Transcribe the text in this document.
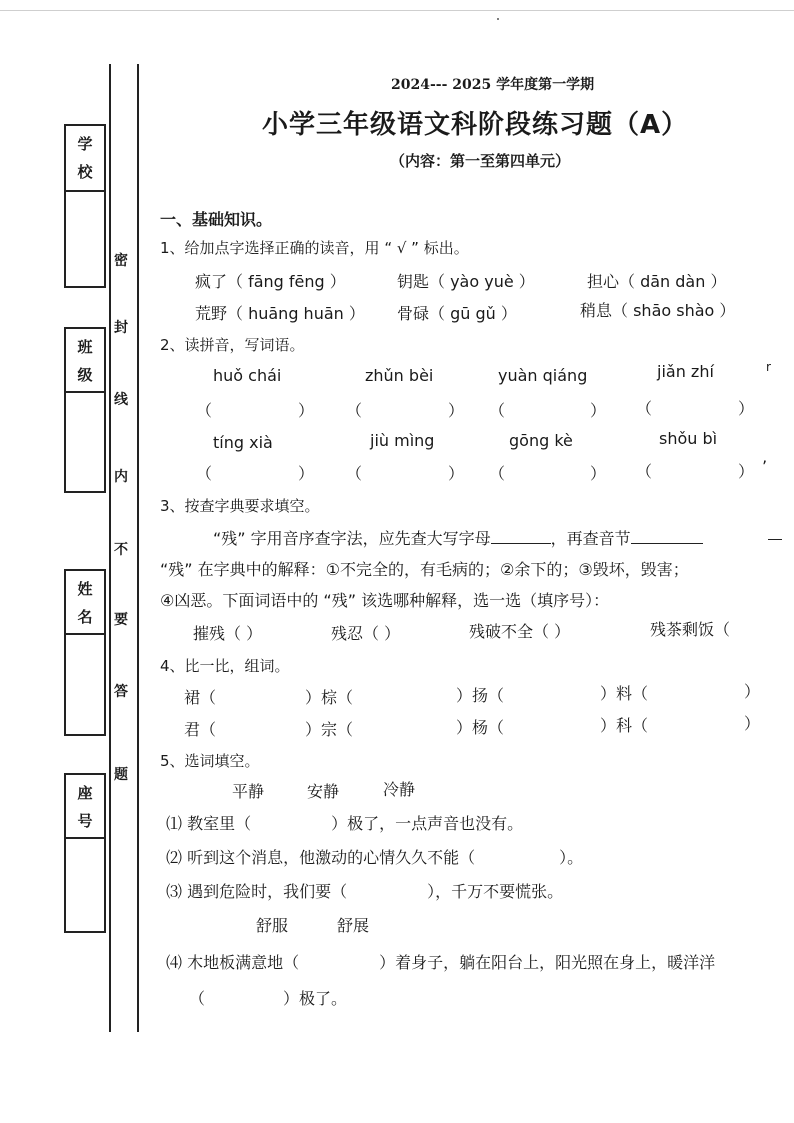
学
校
班
级
姓
名
座
号
密
封
线
内
不
要
答
题
2024--- 2025 学年度第一学期
小学三年级语文科阶段练习题（A）
（内容：第一至第四单元）
一、基础知识。
1、给加点字选择正确的读音，用 “ √ ” 标出。
疯了（ fāng fēng ）	钥匙（ yào yuè ）	担心（ dān dàn ）
荒野（ huāng huān ） 骨碌（ gū gǔ ）	稍息（ shāo shào ）
2、读拼音，写词语。
huǒ chái	zhǔn bèi	yuàn qiáng	jiǎn zhí	r
（	） （	） （	） （	）
tíng xià	jiù mìng	gōng kè	shǒu bì
（	） （	） （	） （	） ’
3、按查字典要求填空。
“残” 字用音序查字法，应先查大写字母	，再查音节
“残” 在字典中的解释：①不完全的，有毛病的；②余下的；③毁坏，毁害；
④凶恶。下面词语中的 “残” 该选哪种解释，选一选（填序号）：
摧残（ ）	残忍（ ）	残破不全（ ）	残茶剩饭（
4、比一比，组词。
裙（	）棕（	）扬（	）料（	）
君（	）宗（	）杨（	）科（	）
5、选词填空。
平静	安静	冷静
⑴ 教室里（	）极了，一点声音也没有。
⑵ 听到这个消息，他激动的心情久久不能（	）。
⑶ 遇到危险时，我们要（	），千万不要慌张。
舒服	舒展
⑷ 木地板满意地（	）着身子，躺在阳台上，阳光照在身上，暖洋洋
（	）极了。
